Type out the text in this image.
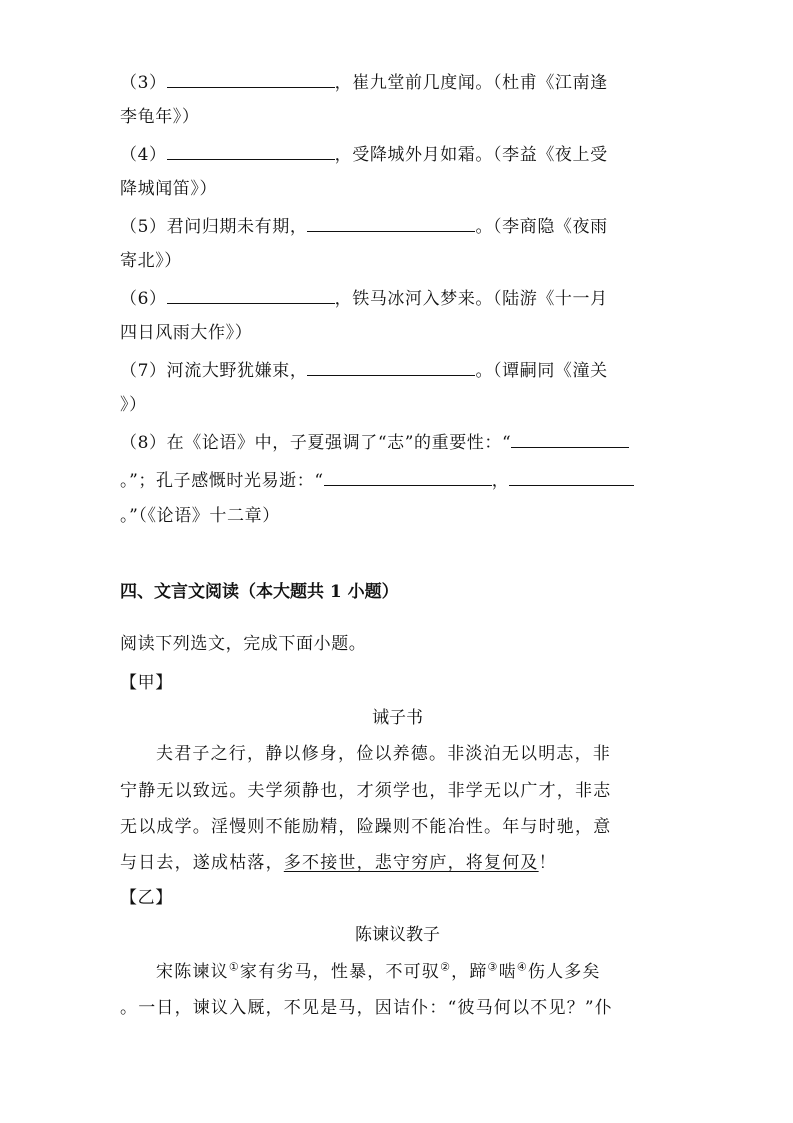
（3）	，崔九堂前几度闻。（杜甫《江南逢
李龟年》）
（4）	，受降城外月如霜。（李益《夜上受
降城闻笛》）
（5）君问归期未有期，	。（李商隐《夜雨
寄北》）
（6）	，铁马冰河入梦来。（陆游《十一月
四日风雨大作》）
（7）河流大野犹嫌束，	。（谭嗣同《潼关
》）
（8）在《论语》中，子夏强调了“志”的重要性：“
。”；孔子感慨时光易逝：“	，
。”（《论语》十二章）
四、文言文阅读（本大题共 1 小题）
阅读下列选文，完成下面小题。
【甲】
诫子书
夫君子之行，静以修身，俭以养德。非淡泊无以明志，非
宁静无以致远。夫学须静也，才须学也，非学无以广才，非志
无以成学。淫慢则不能励精，险躁则不能冶性。年与时驰，意
与日去，遂成枯落，多不接世，悲守穷庐，将复何及！
【乙】
陈谏议教子
宋陈谏议①家有劣马，性暴，不可驭②，蹄③啮④伤人多矣
。一日，谏议入厩，不见是马，因诘仆：“彼马何以不见？”仆
